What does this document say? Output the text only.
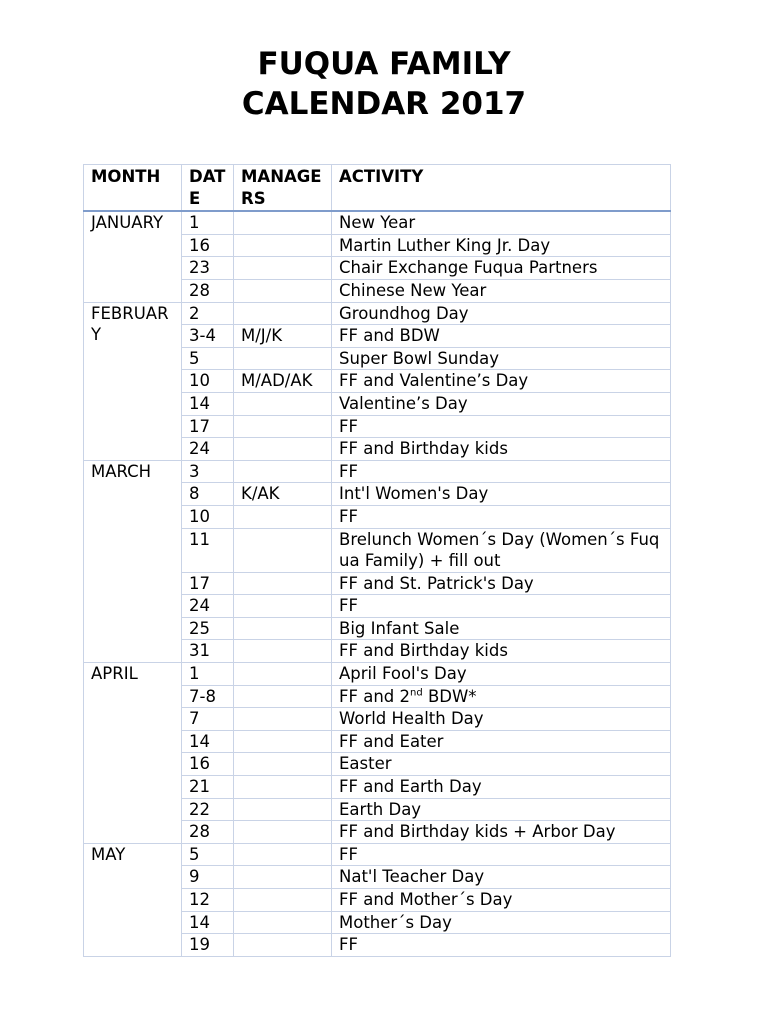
FUQUA FAMILY
CALENDAR 2017
MONTH	DATE	MANAGERS	ACTIVITY
JANUARY	1		New Year
	16		Martin Luther King Jr. Day
	23		Chair Exchange Fuqua Partners
	28		Chinese New Year
FEBRUARY	2		Groundhog Day
	3-4	M/J/K	FF and BDW
	5		Super Bowl Sunday
	10	M/AD/AK	FF and Valentine’s Day
	14		Valentine’s Day
	17		FF
	24		FF and Birthday kids
MARCH	3		FF
	8	K/AK	Int'l Women's Day
	10		FF
	11		Brelunch Women´s Day (Women´s Fuqua Family) + fill out
	17		FF and St. Patrick's Day
	24		FF
	25		Big Infant Sale
	31		FF and Birthday kids
APRIL	1		April Fool's Day
	7-8		FF and 2nd BDW*
	7		World Health Day
	14		FF and Eater
	16		Easter
	21		FF and Earth Day
	22		Earth Day
	28		FF and Birthday kids + Arbor Day
MAY	5		FF
	9		Nat'l Teacher Day
	12		FF and Mother´s Day
	14		Mother´s Day
	19		FF
